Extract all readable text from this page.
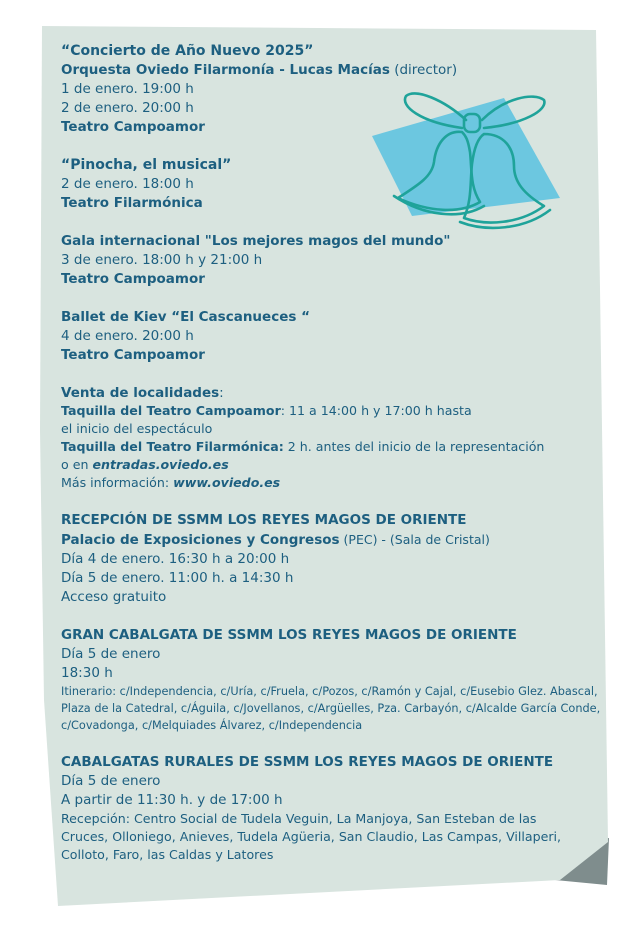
“Concierto de Año Nuevo 2025”
Orquesta Oviedo Filarmonía - Lucas Macías (director)
1 de enero. 19:00 h
2 de enero. 20:00 h
Teatro Campoamor
“Pinocha, el musical”
2 de enero. 18:00 h
Teatro Filarmónica
Gala internacional "Los mejores magos del mundo"
3 de enero. 18:00 h y 21:00 h
Teatro Campoamor
Ballet de Kiev “El Cascanueces “
4 de enero. 20:00 h
Teatro Campoamor
Venta de localidades:
Taquilla del Teatro Campoamor: 11 a 14:00 h y 17:00 h hasta
el inicio del espectáculo
Taquilla del Teatro Filarmónica: 2 h. antes del inicio de la representación
o en entradas.oviedo.es
Más información: www.oviedo.es
RECEPCIÓN DE SSMM LOS REYES MAGOS DE ORIENTE
Palacio de Exposiciones y Congresos (PEC) - (Sala de Cristal)
Día 4 de enero. 16:30 h a 20:00 h
Día 5 de enero. 11:00 h. a 14:30 h
Acceso gratuito
GRAN CABALGATA DE SSMM LOS REYES MAGOS DE ORIENTE
Día 5 de enero
18:30 h
Itinerario: c/Independencia, c/Uría, c/Fruela, c/Pozos, c/Ramón y Cajal, c/Eusebio Glez. Abascal,
Plaza de la Catedral, c/Águila, c/Jovellanos, c/Argüelles, Pza. Carbayón, c/Alcalde García Conde,
c/Covadonga, c/Melquiades Álvarez, c/Independencia
CABALGATAS RURALES DE SSMM LOS REYES MAGOS DE ORIENTE
Día 5 de enero
A partir de 11:30 h. y de 17:00 h
Recepción: Centro Social de Tudela Veguin, La Manjoya, San Esteban de las
Cruces, Olloniego, Anieves, Tudela Agüeria, San Claudio, Las Campas, Villaperi,
Colloto, Faro, las Caldas y Latores
